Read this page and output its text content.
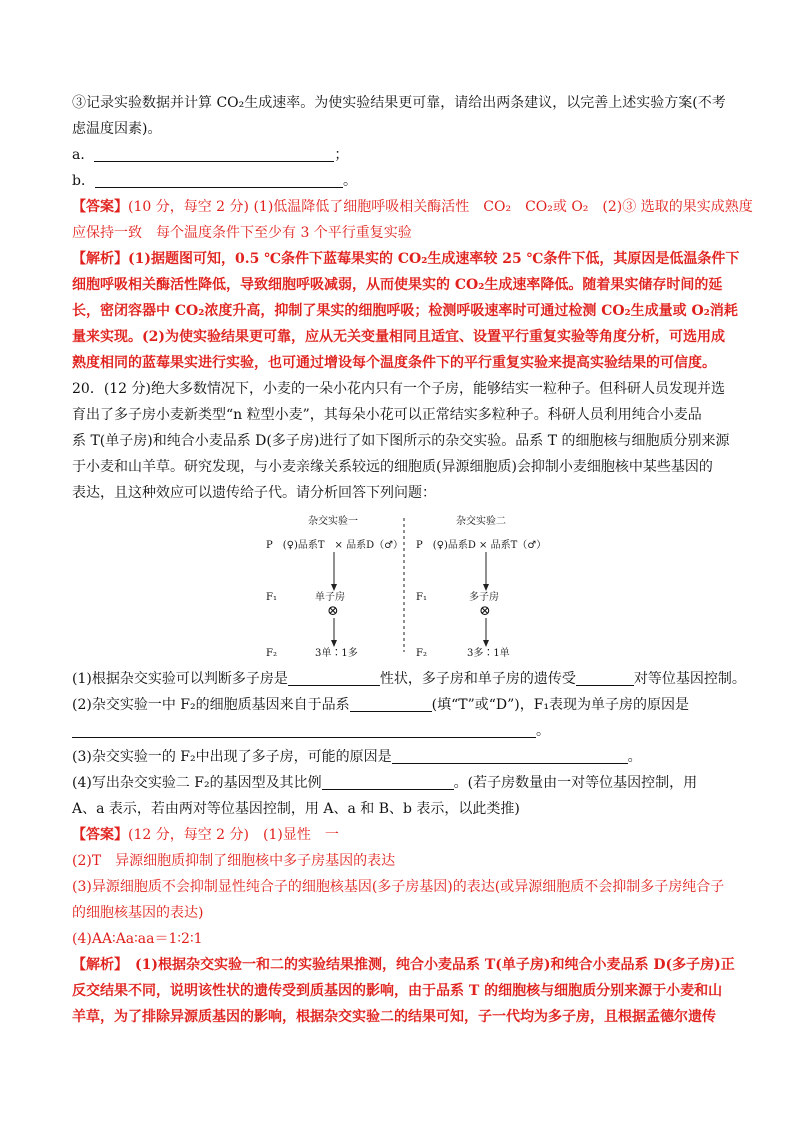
③记录实验数据并计算 CO₂生成速率。为使实验结果更可靠，请给出两条建议，以完善上述实验方案(不考

虑温度因素)。

a．	；

b．	。

【答案】(10 分，每空 2 分) (1)低温降低了细胞呼吸相关酶活性　CO₂　CO₂或 O₂　(2)③ 选取的果实成熟度

应保持一致　每个温度条件下至少有 3 个平行重复实验

【解析】(1)据题图可知，0.5 ℃条件下蓝莓果实的 CO₂生成速率较 25 ℃条件下低，其原因是低温条件下

细胞呼吸相关酶活性降低，导致细胞呼吸减弱，从而使果实的 CO₂生成速率降低。随着果实储存时间的延

长，密闭容器中 CO₂浓度升高，抑制了果实的细胞呼吸；检测呼吸速率时可通过检测 CO₂生成量或 O₂消耗

量来实现。(2)为使实验结果更可靠，应从无关变量相同且适宜、设置平行重复实验等角度分析，可选用成

熟度相同的蓝莓果实进行实验，也可通过增设每个温度条件下的平行重复实验来提高实验结果的可信度。

20．(12 分)绝大多数情况下，小麦的一朵小花内只有一个子房，能够结实一粒种子。但科研人员发现并选

育出了多子房小麦新类型“n 粒型小麦”，其每朵小花可以正常结实多粒种子。科研人员利用纯合小麦品

系 T(单子房)和纯合小麦品系 D(多子房)进行了如下图所示的杂交实验。品系 T 的细胞核与细胞质分别来源

于小麦和山羊草。研究发现，与小麦亲缘关系较远的细胞质(异源细胞质)会抑制小麦细胞核中某些基因的

表达，且这种效应可以遗传给子代。请分析回答下列问题：

杂交实验一	杂交实验二
P　(♀)品系T　× 品系D（♂） P　(♀)品系D × 品系T（♂）
F₁	F₁
单子房	多子房
⊗	⊗
F₂	F₂
3单∶1多	3多∶1单

(1)根据杂交实验可以判断多子房是	性状，多子房和单子房的遗传受	对等位基因控制。

(2)杂交实验一中 F₂的细胞质基因来自于品系	(填“T”或“D”)，F₁表现为单子房的原因是

。

(3)杂交实验一的 F₂中出现了多子房，可能的原因是	。

(4)写出杂交实验二 F₂的基因型及其比例	。(若子房数量由一对等位基因控制，用

A、a 表示，若由两对等位基因控制，用 A、a 和 B、b 表示，以此类推)

【答案】(12 分，每空 2 分)　(1)显性　一

(2)T　异源细胞质抑制了细胞核中多子房基因的表达

(3)异源细胞质不会抑制显性纯合子的细胞核基因(多子房基因)的表达(或异源细胞质不会抑制多子房纯合子

的细胞核基因的表达)

(4)AA∶Aa∶aa＝1∶2∶1

【解析】　(1)根据杂交实验一和二的实验结果推测，纯合小麦品系 T(单子房)和纯合小麦品系 D(多子房)正

反交结果不同，说明该性状的遗传受到质基因的影响，由于品系 T 的细胞核与细胞质分别来源于小麦和山

羊草，为了排除异源质基因的影响，根据杂交实验二的结果可知，子一代均为多子房，且根据孟德尔遗传
